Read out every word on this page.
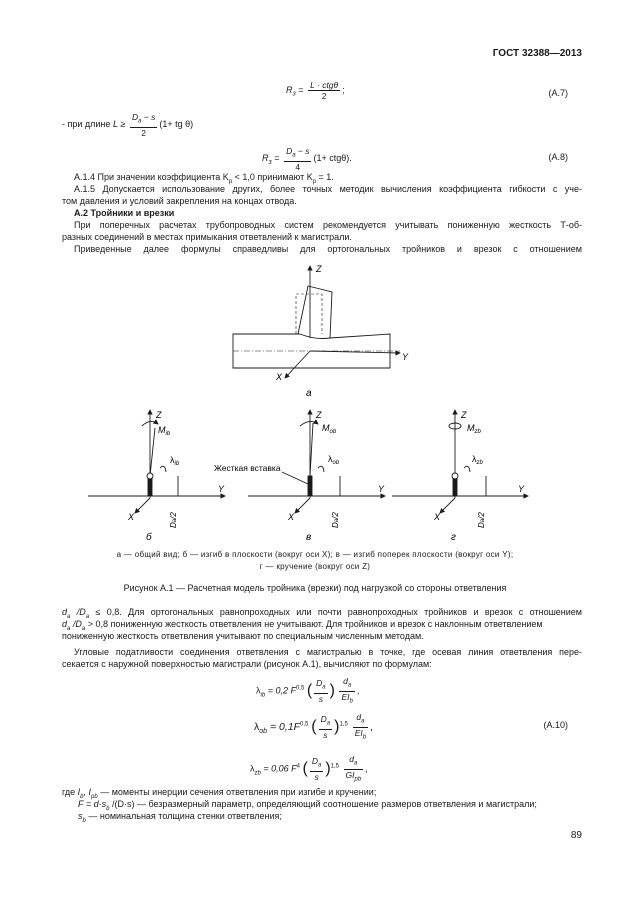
ГОСТ 32388—2013
$R_з = \frac{\text{L · ctgθ}}{2}$ ;	(A.7)
- при длине $L \ge \frac{D_a - s}{2} (1+$ tg θ)
$R_з = \frac{D_a - s}{4} (1+ ctg\theta)$.	(A.8)
А.1.4 При значении коэффициента $K_p < 1,0$ принимают $K_p = 1$.
А.1.5 Допускается использование других, более точных методик вычисления коэффициента гибкости с уче-
том давления и условий закрепления на концах отвода.
А.2 Тройники и врезки
При поперечных расчетах трубопроводных систем рекомендуется учитывать пониженную жесткость Т-об-
разных соединений в местах примыкания ответвлений к магистрали.
Приведенные далее формулы справедливы для ортогональных тройников и врезок с отношением
Z
Y
X
а
$M_{ib}$
$\lambda_{ib}$
Z
Y
X
Da/2
б
Z
$M_{ob}$
$\lambda_{ob}$
Жесткая вставка
Y
X
Da/2
в
Z
$M_{zb}$
$\lambda_{zb}$
Y
X
Da/2
г
а — общий вид; б — изгиб в плоскости (вокруг оси X); в — изгиб поперек плоскости (вокруг оси Y);
г — кручение (вокруг оси Z)
Рисунок А.1 — Расчетная модель тройника (врезки) под нагрузкой со стороны ответвления
$d_a$ $/D_a \le 0,8$. Для ортогональных равнопроходных или почти равнопроходных тройников и врезок с отношением
$d_a$ $/D_a > 0,8$ пониженную жесткость ответвления не учитывают. Для тройников и врезок с наклонным ответвлением
пониженную жесткость ответвления учитывают по специальным численным методам.
Угловые податливости соединения ответвления с магистралью в точке, где осевая линия ответвления пере-
секается с наружной поверхностью магистрали (рисунок А.1), вычисляют по формулам:
$\lambda_{ib} = 0,2$ F$^{0,5}$ ( $\frac{D_a}{s}$ ) $\frac{d_a}{EI_b}$ ,
$\lambda_{ob} = 0,1F^{0,5}$ ( $\frac{D_a}{s} )^{1,5} \frac{d_a}{EI_b}$ ,	(A.10)
$\lambda_{zb} = 0,06$ $F^4$ ( $\frac{D_a}{s} )^{1,5} \frac{d_a}{GI_{pb}}$ ,
где $I_b$, $I_{pb}$ — моменты инерции сечения ответвления при изгибе и кручении;
$F = d\cdot s_b$ /(D·s) — безразмерный параметр, определяющий соотношение размеров ответвления и магистрали;
$s_b$ — номинальная толщина стенки ответвления;
89
